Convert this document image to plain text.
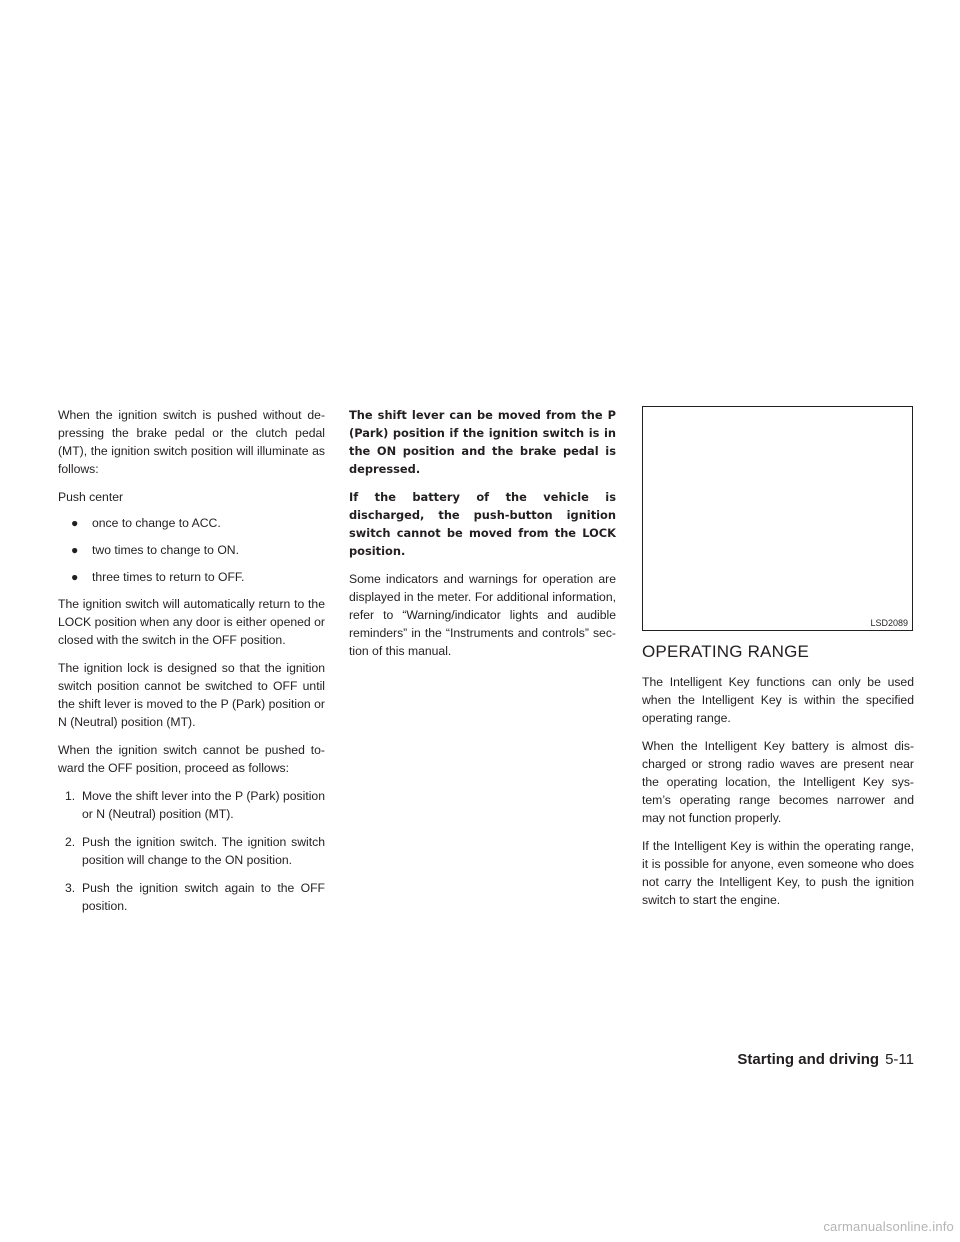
When the ignition switch is pushed without de-pressing the brake pedal or the clutch pedal (MT), the ignition switch position will illuminate as follows:

Push center

● once to change to ACC.
● two times to change to ON.
● three times to return to OFF.

The ignition switch will automatically return to the LOCK position when any door is either opened or closed with the switch in the OFF position.

The ignition lock is designed so that the ignition switch position cannot be switched to OFF until the shift lever is moved to the P (Park) position or N (Neutral) position (MT).

When the ignition switch cannot be pushed to-ward the OFF position, proceed as follows:

1. Move the shift lever into the P (Park) position or N (Neutral) position (MT).
2. Push the ignition switch. The ignition switch position will change to the ON position.
3. Push the ignition switch again to the OFF position.

The shift lever can be moved from the P (Park) position if the ignition switch is in the ON position and the brake pedal is depressed.

If the battery of the vehicle is discharged, the push-button ignition switch cannot be moved from the LOCK position.

Some indicators and warnings for operation are displayed in the meter. For additional information, refer to “Warning/indicator lights and audible reminders” in the “Instruments and controls” sec-tion of this manual.

LSD2089
OPERATING RANGE

The Intelligent Key functions can only be used when the Intelligent Key is within the specified operating range.

When the Intelligent Key battery is almost dis-charged or strong radio waves are present near the operating location, the Intelligent Key sys-tem’s operating range becomes narrower and may not function properly.

If the Intelligent Key is within the operating range, it is possible for anyone, even someone who does not carry the Intelligent Key, to push the ignition switch to start the engine.

Starting and driving 5-11
carmanualsonline.info
